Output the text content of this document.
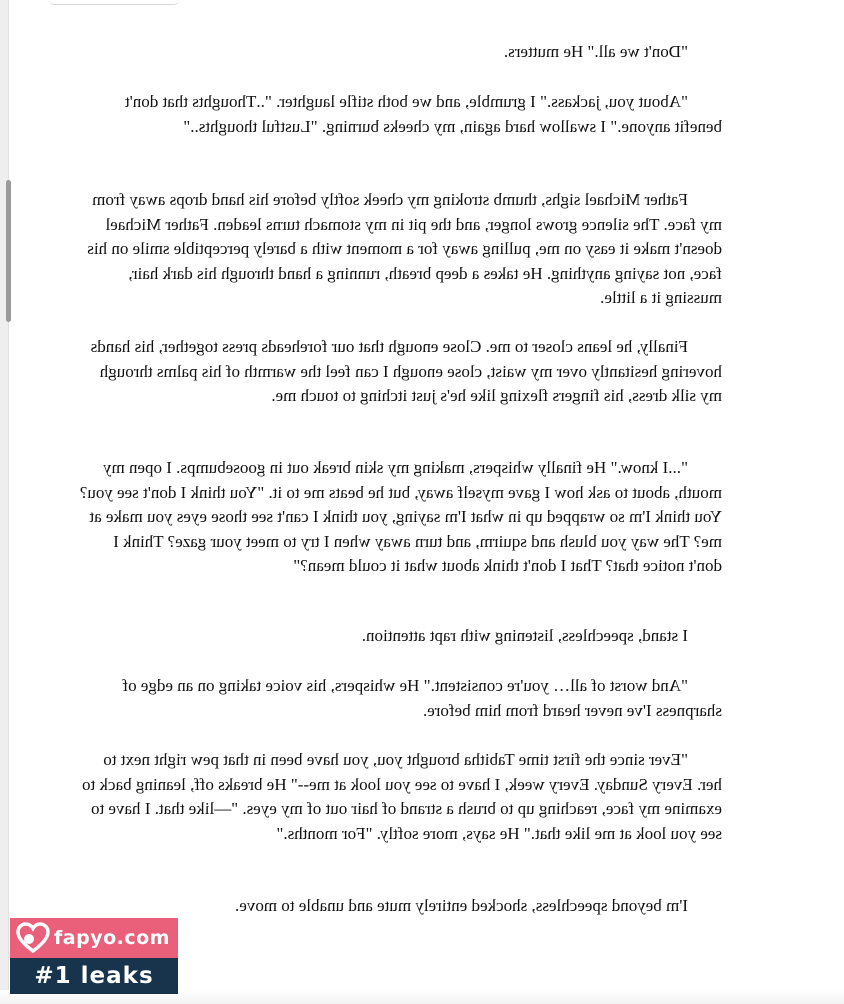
"Don't we all." He mutters.

"About you, jackass." I grumble, and we both stifle laughter. "..Thoughts that don't benefit anyone." I swallow hard again, my cheeks burning. "Lustful thoughts.."

Father Michael sighs, thumb stroking my cheek softly before his hand drops away from my face. The silence grows longer, and the pit in my stomach turns leaden. Father Michael doesn't make it easy on me, pulling away for a moment with a barely perceptible smile on his face, not saying anything. He takes a deep breath, running a hand through his dark hair, mussing it a little.

Finally, he leans closer to me. Close enough that our foreheads press together, his hands hovering hesitantly over my waist, close enough I can feel the warmth of his palms through my silk dress, his fingers flexing like he's just itching to touch me.

"...I know." He finally whispers, making my skin break out in goosebumps. I open my mouth, about to ask how I gave myself away, but he beats me to it. "You think I don't see you? You think I'm so wrapped up in what I'm saying, you think I can't see those eyes you make at me? The way you blush and squirm, and turn away when I try to meet your gaze? Think I don't notice that? That I don't think about what it could mean?"

I stand, speechless, listening with rapt attention.

"And worst of all… you're consistent." He whispers, his voice taking on an edge of sharpness I've never heard from him before.

"Ever since the first time Tabitha brought you, you have been in that pew right next to her. Every Sunday. Every week, I have to see you look at me--" He breaks off, leaning back to examine my face, reaching up to brush a strand of hair out of my eyes. "—like that. I have to see you look at me like that." He says, more softly. "For months."

I'm beyond speechless, shocked entirely mute and unable to move.

fapyo.com
#1 leaks
